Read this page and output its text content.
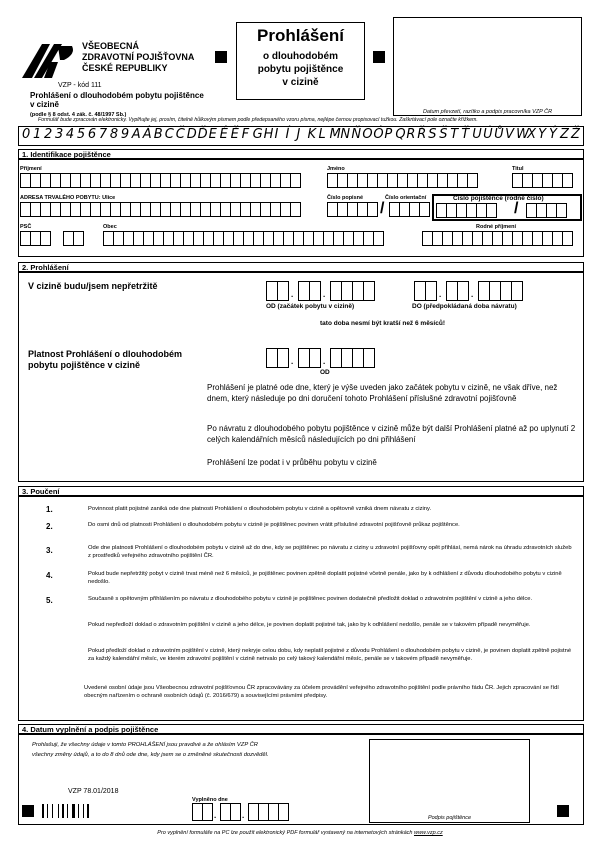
VŠEOBECNÁ
ZDRAVOTNÍ POJIŠŤOVNA
ČESKÉ REPUBLIKY
VZP - kód 111
Prohlášení o dlouhodobém pobytu pojištěnce v cizině
(podle § 8 odst. 4 zák. č. 48/1997 Sb.)
Prohlášení
o dlouhodobém
pobytu pojištěnce
v cizině
Datum převzetí, razítko a podpis pracovníka VZP ČR
Formulář bude zpracován elektronicky. Vyplňujte jej, prosím, čitelně hůlkovým písmem podle předepsaného vzoru písma, nejlépe černou propisovací tužkou. Zaškrtávací pole označte křížkem.
0 1 2 3 4 5 6 7 8 9 A Á B C Č D Ď E É Ě F G H I Í J K L M N Ň O Ó P Q R Ř S Š T Ť U Ú Ů V W
X Y Ý Z Ž
1. Identifikace pojištěnce
Příjmení	Jméno	Titul
ADRESA TRVALÉHO POBYTU: Ulice	Číslo popisné
/
Číslo orientační	Číslo pojištěnce (rodné číslo)
/
PSČ	Obec	Rodné příjmení
2. Prohlášení
V cizině budu/jsem nepřetržitě
.	.
OD (začátek pobytu v cizině)
.	.
DO (předpokládaná doba návratu)
tato doba nesmí být kratší než 6 měsíců!
Platnost Prohlášení o dlouhodobém
pobytu pojištěnce v cizině	.	.
OD
Prohlášení je platné ode dne, který je výše uveden jako začátek pobytu v cizině, ne však dříve, než dnem, který následuje po dni doručení tohoto Prohlášení příslušné zdravotní pojišťovně
Po návratu z dlouhodobého pobytu pojištěnce v cizině může být další Prohlášení platné až po uplynutí 2 celých kalendářních měsíců následujících po dni přihlášení
Prohlášení lze podat i v průběhu pobytu v cizině
3. Poučení
1.	Povinnost platit pojistné zaniká ode dne platnosti Prohlášení o dlouhodobém pobytu v cizině a opětovně vzniká dnem návratu z ciziny.
2.	Do osmi dnů od platnosti Prohlášení o dlouhodobém pobytu v cizině je pojištěnec povinen vrátit příslušné zdravotní pojišťovně průkaz pojištěnce.
3.	Ode dne platnosti Prohlášení o dlouhodobém pobytu v cizině až do dne, kdy se pojištěnec po návratu z ciziny u zdravotní pojišťovny opět přihlásí, nemá nárok na úhradu zdravotních služeb z prostředků veřejného zdravotního pojištění ČR.
4.	Pokud bude nepřetržitý pobyt v cizině trvat méně než 6 měsíců, je pojištěnec povinen zpětně doplatit pojistné včetně penále, jako by k odhlášení z důvodu dlouhodobého pobytu v cizině nedošlo.
5.	Současně s opětovným přihlášením po návratu z dlouhodobého pobytu v cizině je pojištěnec povinen dodatečně předložit doklad o zdravotním pojištění v cizině a jeho délce.
Pokud nepředloží doklad o zdravotním pojištění v cizině a jeho délce, je povinen doplatit pojistné tak, jako by k odhlášení nedošlo, penále se v takovém případě nevyměřuje.
Pokud předloží doklad o zdravotním pojištění v cizině, který nekryje celou dobu, kdy neplatil pojistné z důvodu Prohlášení o dlouhodobém pobytu v cizině, je povinen doplatit zpětně pojistné za každý kalendářní měsíc, ve kterém zdravotní pojištění v cizině netrvalo po celý takový kalendářní měsíc, penále se v takovém případě nevyměřuje.
Uvedené osobní údaje jsou Všeobecnou zdravotní pojišťovnou ČR zpracovávány za účelem provádění veřejného zdravotního pojištění podle právního řádu ČR. Jejich zpracování se řídí obecným nařízením o ochraně osobních údajů (č. 2016/679) a souvisejícími právními předpisy.
4. Datum vyplnění a podpis pojištěnce
Prohlašuji, že všechny údaje v tomto PROHLÁŠENÍ jsou pravdivé a že ohlásím VZP ČR
všechny změny údajů, a to do 8 dnů ode dne, kdy jsem se o změněné skutečnosti dozvěděl.
Podpis pojištěnce
VZP 78.01/2018
Vyplněno dne
.	.
Pro vyplnění formuláře na PC lze použít elektronický PDF formulář vystavený na internetových stránkách www.vzp.cz
